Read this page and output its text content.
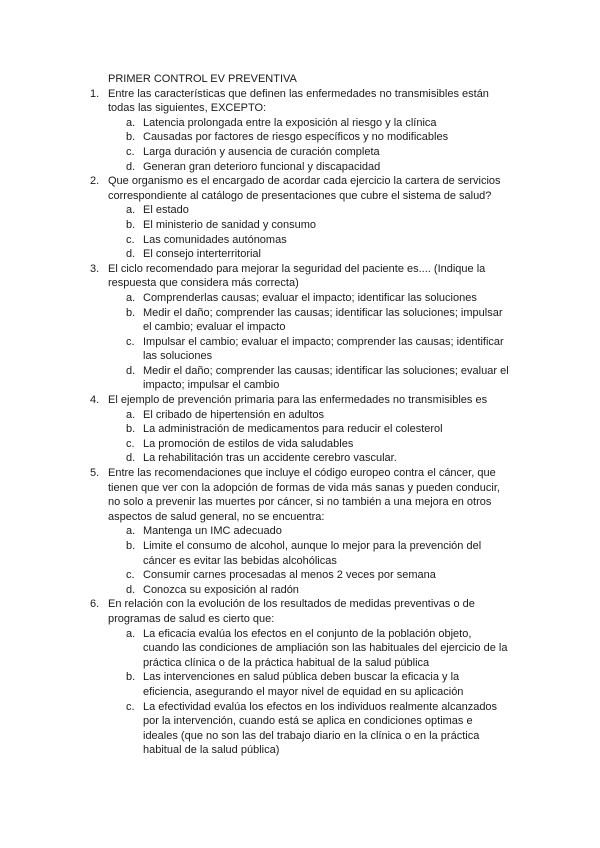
PRIMER CONTROL EV PREVENTIVA
1. Entre las características que definen las enfermedades no transmisibles están todas las siguientes, EXCEPTO:
a. Latencia prolongada entre la exposición al riesgo y la clínica
b. Causadas por factores de riesgo específicos y no modificables
c. Larga duración y ausencia de curación completa
d. Generan gran deterioro funcional y discapacidad
2. Que organismo es el encargado de acordar cada ejercicio la cartera de servicios correspondiente al catálogo de presentaciones que cubre el sistema de salud?
a. El estado
b. El ministerio de sanidad y consumo
c. Las comunidades autónomas
d. El consejo interterritorial
3. El ciclo recomendado para mejorar la seguridad del paciente es.... (Indique la respuesta que considera más correcta)
a. Comprenderlas causas; evaluar el impacto; identificar las soluciones
b. Medir el daño; comprender las causas; identificar las soluciones; impulsar el cambio; evaluar el impacto
c. Impulsar el cambio; evaluar el impacto; comprender las causas; identificar las soluciones
d. Medir el daño; comprender las causas; identificar las soluciones; evaluar el impacto; impulsar el cambio
4. El ejemplo de prevención primaria para las enfermedades no transmisibles es
a. El cribado de hipertensión en adultos
b. La administración de medicamentos para reducir el colesterol
c. La promoción de estilos de vida saludables
d. La rehabilitación tras un accidente cerebro vascular.
5. Entre las recomendaciones que incluye el código europeo contra el cáncer, que tienen que ver con la adopción de formas de vida más sanas y pueden conducir, no solo a prevenir las muertes por cáncer, si no también a una mejora en otros aspectos de salud general, no se encuentra:
a. Mantenga un IMC adecuado
b. Limite el consumo de alcohol, aunque lo mejor para la prevención del cáncer es evitar las bebidas alcohólicas
c. Consumir carnes procesadas al menos 2 veces por semana
d. Conozca su exposición al radón
6. En relación con la evolución de los resultados de medidas preventivas o de programas de salud es cierto que:
a. La eficacia evalúa los efectos en el conjunto de la población objeto, cuando las condiciones de ampliación son las habituales del ejercicio de la práctica clínica o de la práctica habitual de la salud pública
b. Las intervenciones en salud pública deben buscar la eficacia y la eficiencia, asegurando el mayor nivel de equidad en su aplicación
c. La efectividad evalúa los efectos en los individuos realmente alcanzados por la intervención, cuando está se aplica en condiciones optimas e ideales (que no son las del trabajo diario en la clínica o en la práctica habitual de la salud pública)
